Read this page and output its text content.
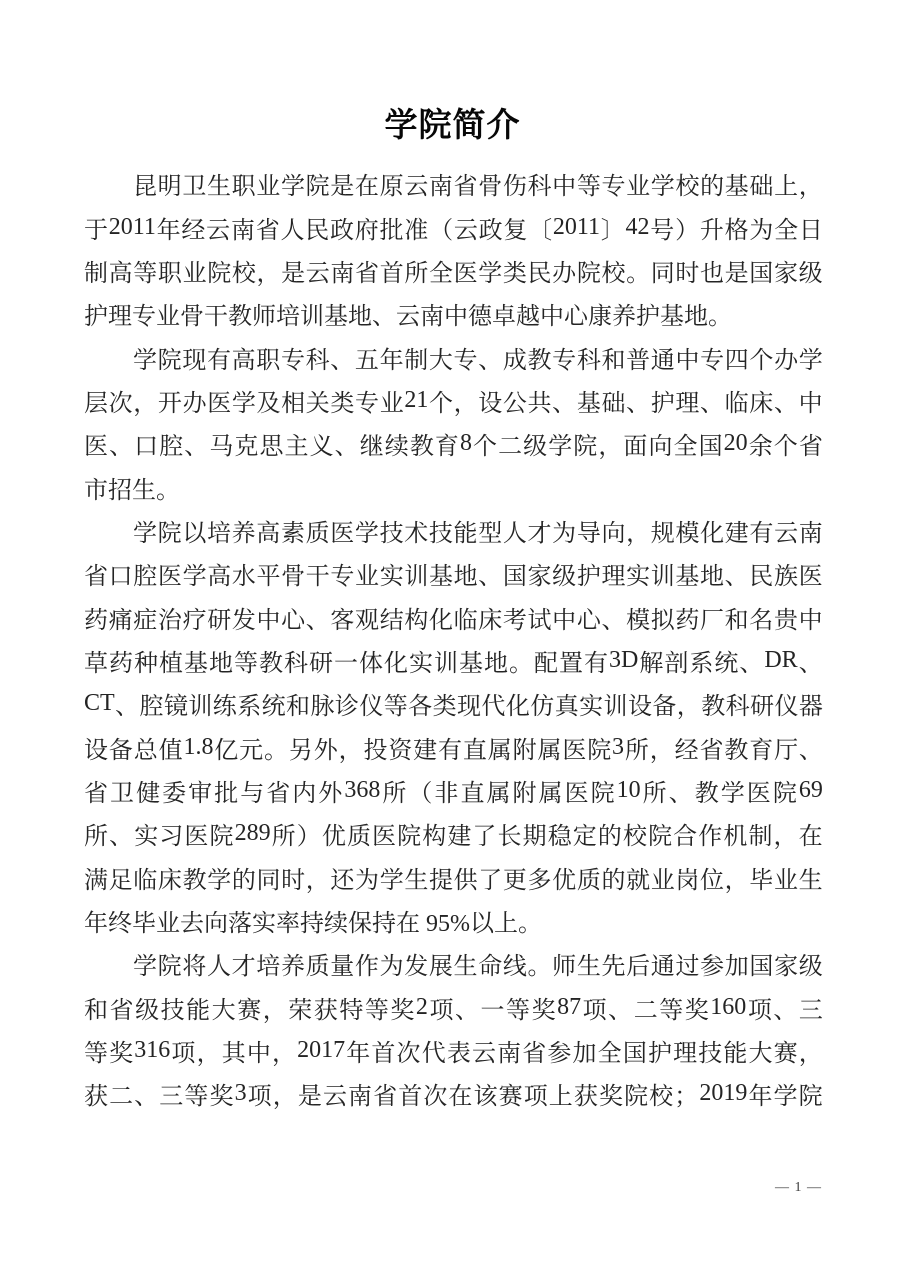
学院简介
昆 明 卫 生 职 业 学 院 是 在 原 云 南 省 骨 伤 科 中 等 专 业 学 校 的 基 础 上 ，
于 2011 年 经 云 南 省 人 民 政 府 批 准 （ 云 政 复 〔 2011 〕 42 号 ） 升 格 为 全 日
制 高 等 职 业 院 校 ， 是 云 南 省 首 所 全 医 学 类 民 办 院 校 。 同 时 也 是 国 家 级
护理专业骨干教师培训基地、云南中德卓越中心康养护基地。
学 院 现 有 高 职 专 科 、 五 年 制 大 专 、 成 教 专 科 和 普 通 中 专 四 个 办 学
层 次 ， 开 办 医 学 及 相 关 类 专 业 21 个 ， 设 公 共 、 基 础 、 护 理 、 临 床 、 中
医 、 口 腔 、 马 克 思 主 义 、 继 续 教 育 8 个 二 级 学 院 ， 面 向 全 国 20 余 个 省
市招生。
学 院 以 培 养 高 素 质 医 学 技 术 技 能 型 人 才 为 导 向 ， 规 模 化 建 有 云 南
省 口 腔 医 学 高 水 平 骨 干 专 业 实 训 基 地 、 国 家 级 护 理 实 训 基 地 、 民 族 医
药 痛 症 治 疗 研 发 中 心 、 客 观 结 构 化 临 床 考 试 中 心 、 模 拟 药 厂 和 名 贵 中
草 药 种 植 基 地 等 教 科 研 一 体 化 实 训 基 地 。 配 置 有 3D 解 剖 系 统 、 DR 、
CT 、 腔 镜 训 练 系 统 和 脉 诊 仪 等 各 类 现 代 化 仿 真 实 训 设 备 ， 教 科 研 仪 器
设 备 总 值 1.8 亿 元 。 另 外 ， 投 资 建 有 直 属 附 属 医 院 3 所 ， 经 省 教 育 厅 、
省 卫 健 委 审 批 与 省 内 外 368 所 （ 非 直 属 附 属 医 院 10 所 、 教 学 医 院 69
所 、 实 习 医 院 289 所 ） 优 质 医 院 构 建 了 长 期 稳 定 的 校 院 合 作 机 制 ， 在
满 足 临 床 教 学 的 同 时 ， 还 为 学 生 提 供 了 更 多 优 质 的 就 业 岗 位 ， 毕 业 生
年终毕业去向落实率持续保持在 95%以上。
学 院 将 人 才 培 养 质 量 作 为 发 展 生 命 线 。 师 生 先 后 通 过 参 加 国 家 级
和 省 级 技 能 大 赛 ， 荣 获 特 等 奖 2 项 、 一 等 奖 87 项 、 二 等 奖 160 项 、 三
等 奖 316 项 ， 其 中 ， 2017 年 首 次 代 表 云 南 省 参 加 全 国 护 理 技 能 大 赛 ，
获 二 、 三 等 奖 3 项 ， 是 云 南 省 首 次 在 该 赛 项 上 获 奖 院 校 ； 2019 年 学 院
— 1 —
